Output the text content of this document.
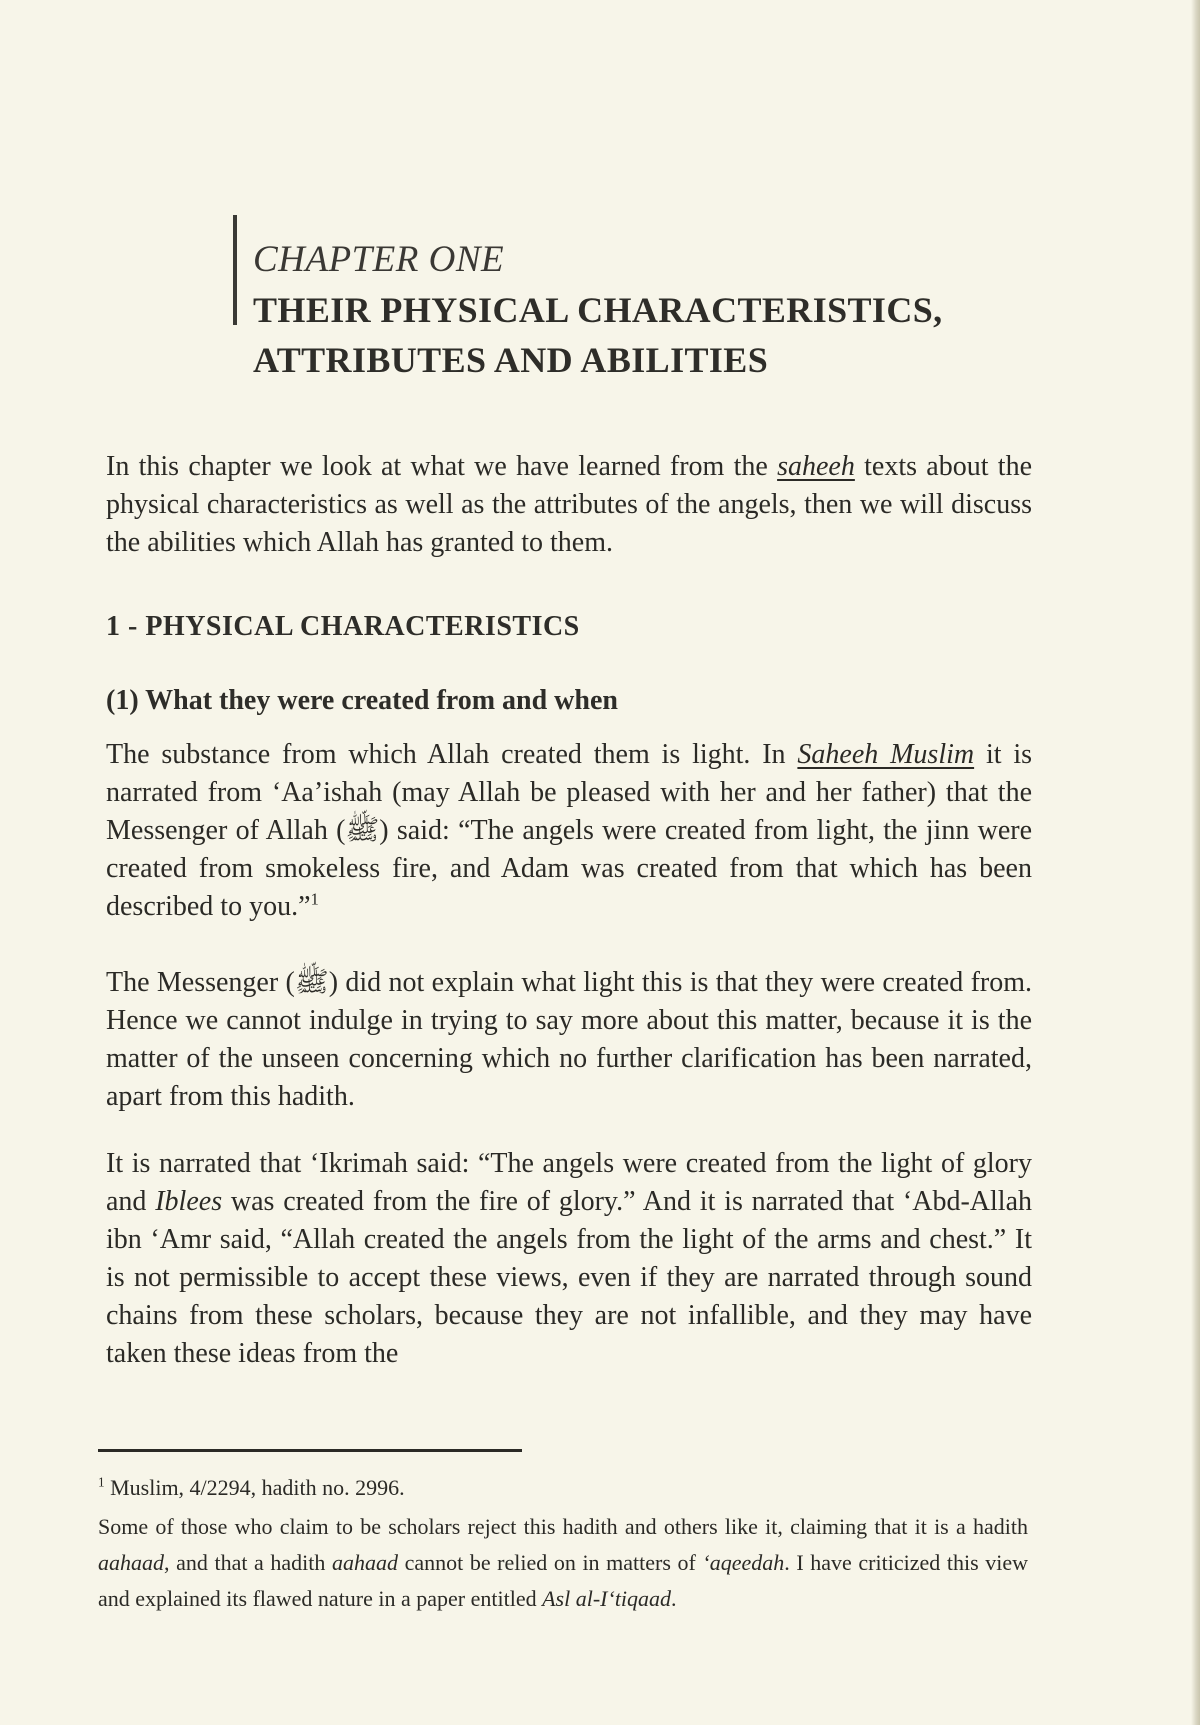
CHAPTER ONE
THEIR PHYSICAL CHARACTERISTICS,
ATTRIBUTES AND ABILITIES

In this chapter we look at what we have learned from the saheeh texts about the physical characteristics as well as the attributes of the angels, then we will discuss the abilities which Allah has granted to them.

1 - PHYSICAL CHARACTERISTICS
(1) What they were created from and when

The substance from which Allah created them is light. In Saheeh Muslim it is narrated from ‘Aa’ishah (may Allah be pleased with her and her father) that the Messenger of Allah (ﷺ) said: “The angels were created from light, the jinn were created from smokeless fire, and Adam was created from that which has been described to you.”$^1$

The Messenger (ﷺ) did not explain what light this is that they were created from. Hence we cannot indulge in trying to say more about this matter, because it is the matter of the unseen concerning which no further clarification has been narrated, apart from this hadith.

It is narrated that ‘Ikrimah said: “The angels were created from the light of glory and Iblees was created from the fire of glory.” And it is narrated that ‘Abd-Allah ibn ‘Amr said, “Allah created the angels from the light of the arms and chest.” It is not permissible to accept these views, even if they are narrated through sound chains from these scholars, because they are not infallible, and they may have taken these ideas from the

$^1$ Muslim, 4/2294, hadith no. 2996.

Some of those who claim to be scholars reject this hadith and others like it, claiming that it is a hadith aahaad, and that a hadith aahaad cannot be relied on in matters of ‘aqeedah. I have criticized this view and explained its flawed nature in a paper entitled Asl al-I‘tiqaad.
